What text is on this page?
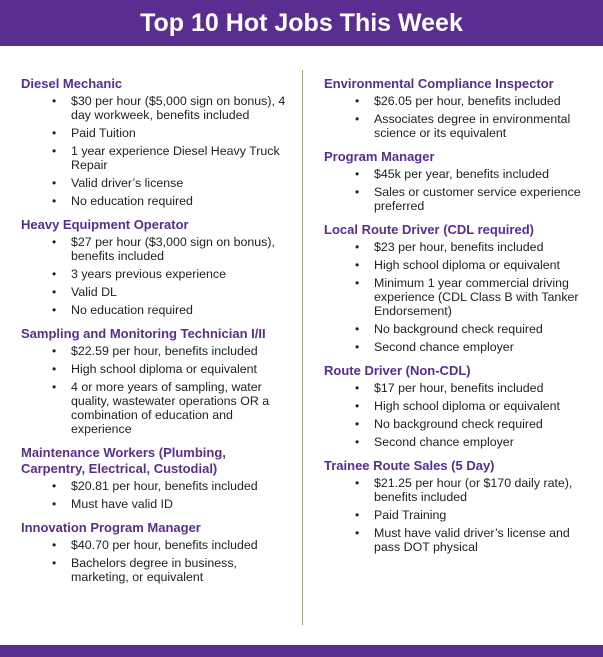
Top 10 Hot Jobs This Week
Diesel Mechanic
• $30 per hour ($5,000 sign on bonus), 4 day workweek, benefits included
• Paid Tuition
• 1 year experience Diesel Heavy Truck Repair
• Valid driver’s license
• No education required
Heavy Equipment Operator
• $27 per hour ($3,000 sign on bonus), benefits included
• 3 years previous experience
• Valid DL
• No education required
Sampling and Monitoring Technician I/II
• $22.59 per hour, benefits included
• High school diploma or equivalent
• 4 or more years of sampling, water quality, wastewater operations OR a combination of education and experience
Maintenance Workers (Plumbing, Carpentry, Electrical, Custodial)
• $20.81 per hour, benefits included
• Must have valid ID
Innovation Program Manager
• $40.70 per hour, benefits included
• Bachelors degree in business, marketing, or equivalent
Environmental Compliance Inspector
• $26.05 per hour, benefits included
• Associates degree in environmental science or its equivalent
Program Manager
• $45k per year, benefits included
• Sales or customer service experience preferred
Local Route Driver (CDL required)
• $23 per hour, benefits included
• High school diploma or equivalent
• Minimum 1 year commercial driving experience (CDL Class B with Tanker Endorsement)
• No background check required
• Second chance employer
Route Driver (Non-CDL)
• $17 per hour, benefits included
• High school diploma or equivalent
• No background check required
• Second chance employer
Trainee Route Sales (5 Day)
• $21.25 per hour (or $170 daily rate), benefits included
• Paid Training
• Must have valid driver’s license and pass DOT physical
